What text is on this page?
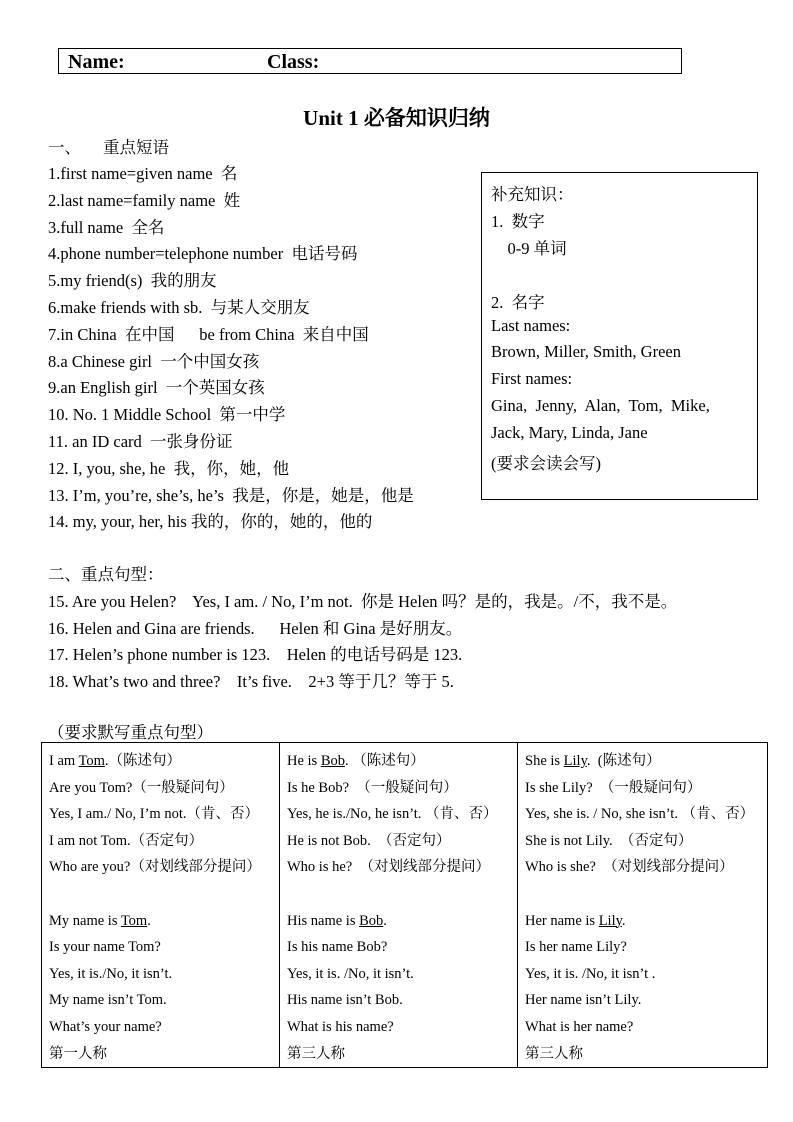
Name:	Class:
Unit 1 必备知识归纳
一、 重点短语
1.first name=given name  名
2.last name=family name  姓
3.full name  全名
4.phone number=telephone number  电话号码
5.my friend(s)  我的朋友
6.make friends with sb.  与某人交朋友
7.in China  在中国      be from China  来自中国
8.a Chinese girl  一个中国女孩
9.an English girl  一个英国女孩
10. No. 1 Middle School  第一中学
11. an ID card  一张身份证
12. I, you, she, he  我，你，她，他
13. I’m, you’re, she’s, he’s  我是，你是，她是，他是
14. my, your, her, his 我的，你的，她的，他的
补充知识：
1.  数字
0-9 单词
2.  名字
Last names:
Brown, Miller, Smith, Green
First names:
Gina,  Jenny,  Alan,  Tom,  Mike,
Jack, Mary, Linda, Jane
(要求会读会写)
二、重点句型：
15. Are you Helen?    Yes, I am. / No, I’m not.  你是 Helen 吗？是的，我是。/不，我不是。
16. Helen and Gina are friends.      Helen 和 Gina 是好朋友。
17. Helen’s phone number is 123.    Helen 的电话号码是 123.
18. What’s two and three?    It’s five.    2+3 等于几？等于 5.
（要求默写重点句型）
I am Tom.（陈述句）
Are you Tom?（一般疑问句）
Yes, I am./ No, I’m not.（肯、否）
I am not Tom.（否定句）
Who are you?（对划线部分提问）
My name is Tom.
Is your name Tom?
Yes, it is./No, it isn’t.
My name isn’t Tom.
What’s your name?
第一人称

He is Bob. （陈述句）
Is he Bob?  （一般疑问句）
Yes, he is./No, he isn’t. （肯、否）
He is not Bob.  （否定句）
Who is he?  （对划线部分提问）
His name is Bob.
Is his name Bob?
Yes, it is. /No, it isn’t.
His name isn’t Bob.
What is his name?
第三人称

She is Lily.  (陈述句）
Is she Lily?  （一般疑问句）
Yes, she is. / No, she isn’t. （肯、否）
She is not Lily.  （否定句）
Who is she?  （对划线部分提问）
Her name is Lily.
Is her name Lily?
Yes, it is. /No, it isn’t .
Her name isn’t Lily.
What is her name?
第三人称
